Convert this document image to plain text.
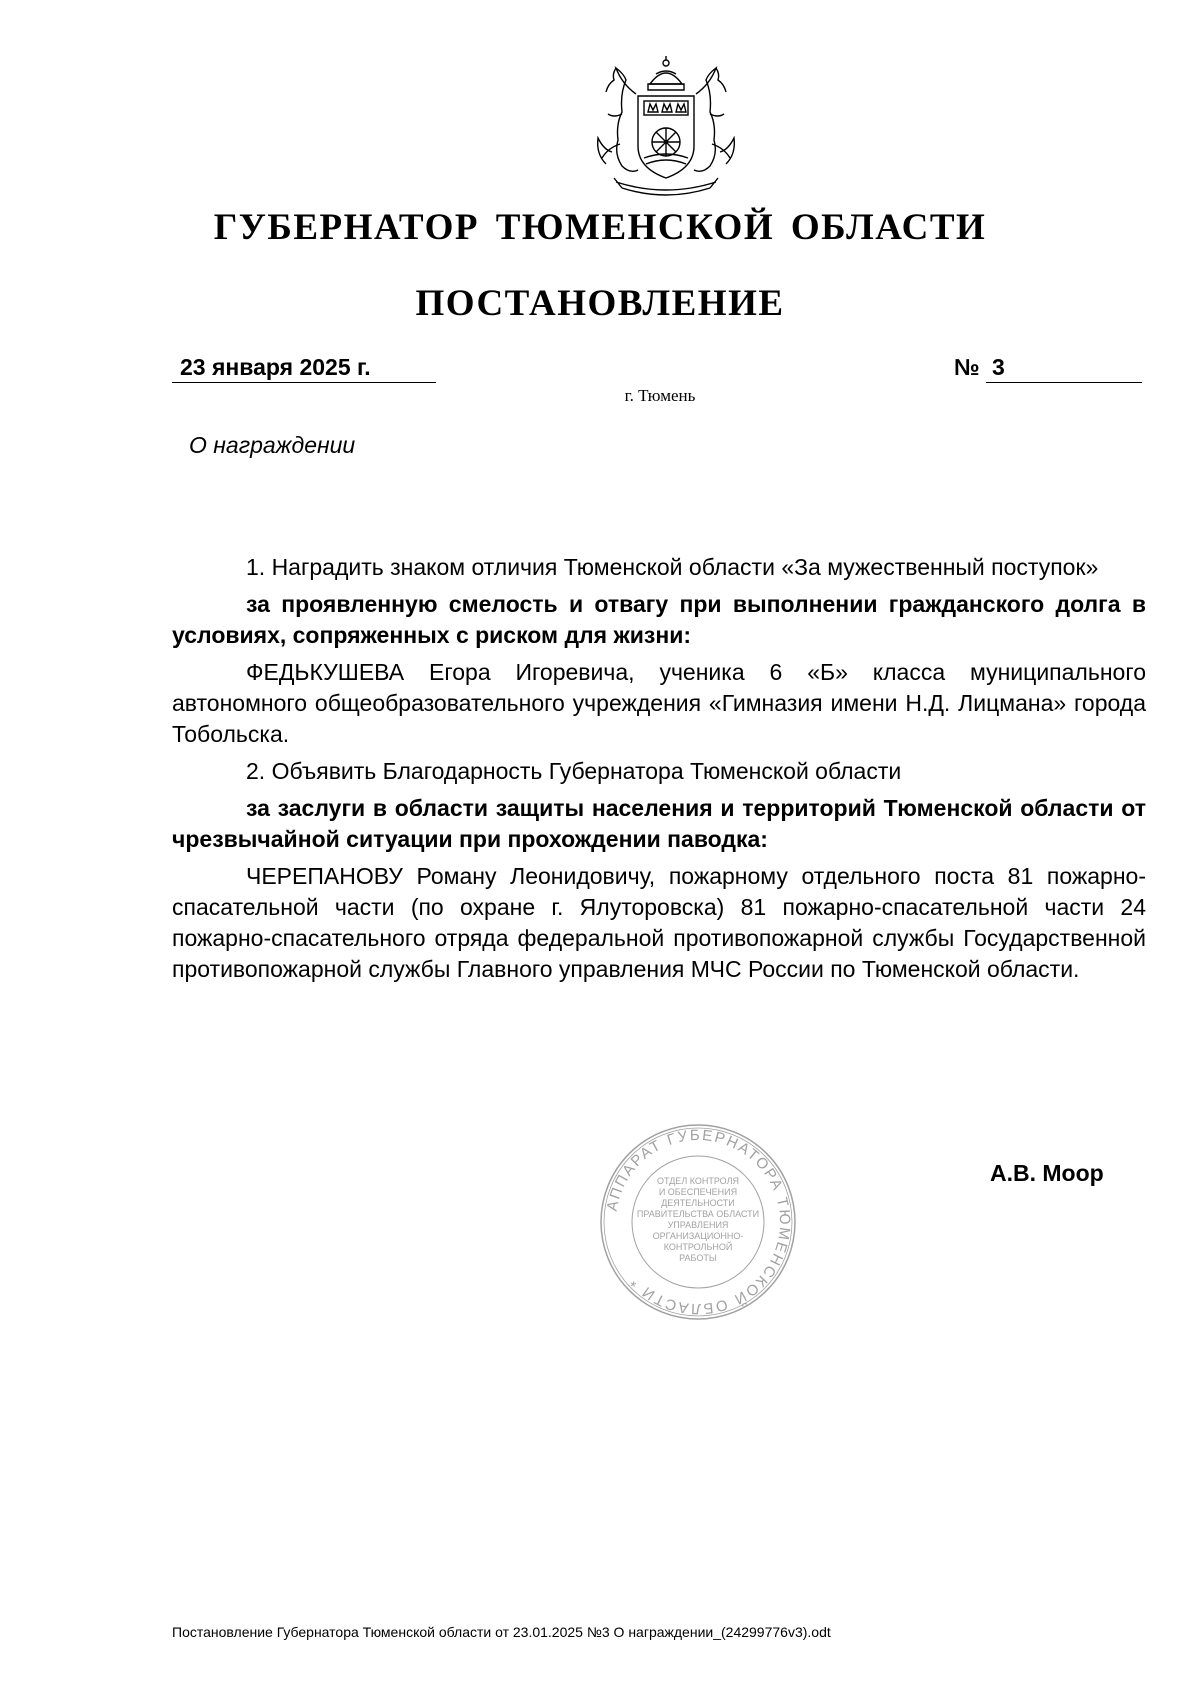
ГУБЕРНАТОР ТЮМЕНСКОЙ ОБЛАСТИ
ПОСТАНОВЛЕНИЕ
23 января 2025 г.	№ 3
г. Тюмень
О награждении

1. Наградить знаком отличия Тюменской области «За мужественный поступок»

за проявленную смелость и отвагу при выполнении гражданского долга в условиях, сопряженных с риском для жизни:

ФЕДЬКУШЕВА Егора Игоревича, ученика 6 «Б» класса муниципального автономного общеобразовательного учреждения «Гимназия имени Н.Д. Лицмана» города Тобольска.

2. Объявить Благодарность Губернатора Тюменской области

за заслуги в области защиты населения и территорий Тюменской области от чрезвычайной ситуации при прохождении паводка:

ЧЕРЕПАНОВУ Роману Леонидовичу, пожарному отдельного поста 81 пожарно-спасательной части (по охране г. Ялуторовска) 81 пожарно-спасательной части 24 пожарно-спасательного отряда федеральной противопожарной службы Государственной противопожарной службы Главного управления МЧС России по Тюменской области.

АППАРАТ ГУБЕРНАТОРА ТЮМЕНСКОЙ ОБЛАСТИ *
ОТДЕЛ КОНТРОЛЯ
И ОБЕСПЕЧЕНИЯ
ДЕЯТЕЛЬНОСТИ
ПРАВИТЕЛЬСТВА ОБЛАСТИ
УПРАВЛЕНИЯ
ОРГАНИЗАЦИОННО-
КОНТРОЛЬНОЙ
РАБОТЫ
А.В. Моор
Постановление Губернатора Тюменской области от 23.01.2025 №3 О награждении_(24299776v3).odt
